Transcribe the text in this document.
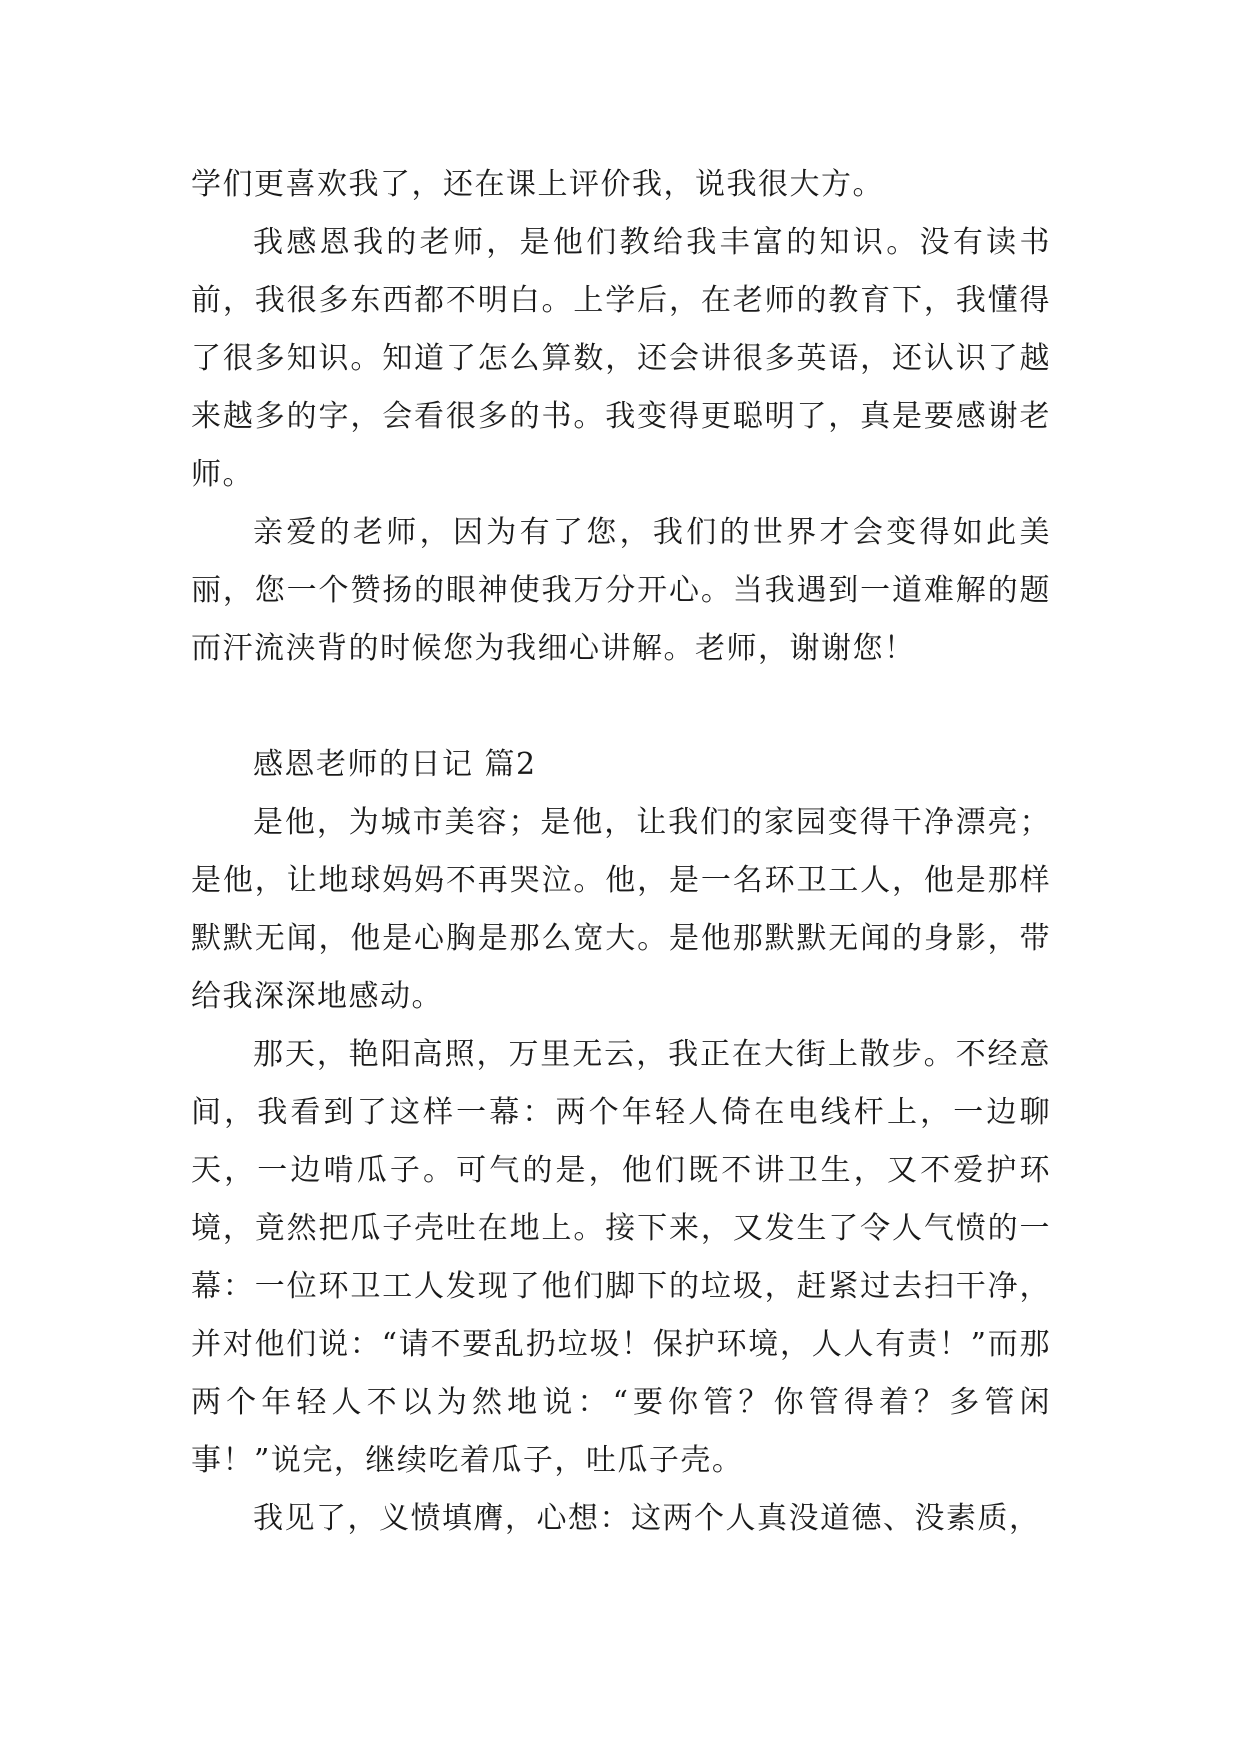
学们更喜欢我了，还在课上评价我，说我很大方。

我感恩我的老师，是他们教给我丰富的知识。没有读书前，我很多东西都不明白。上学后，在老师的教育下，我懂得了很多知识。知道了怎么算数，还会讲很多英语，还认识了越来越多的字，会看很多的书。我变得更聪明了，真是要感谢老师。

亲爱的老师，因为有了您，我们的世界才会变得如此美丽，您一个赞扬的眼神使我万分开心。当我遇到一道难解的题而汗流浃背的时候您为我细心讲解。老师，谢谢您！

感恩老师的日记 篇2

是他，为城市美容；是他，让我们的家园变得干净漂亮；是他，让地球妈妈不再哭泣。他，是一名环卫工人，他是那样默默无闻，他是心胸是那么宽大。是他那默默无闻的身影，带给我深深地感动。

那天，艳阳高照，万里无云，我正在大街上散步。不经意间，我看到了这样一幕：两个年轻人倚在电线杆上，一边聊天，一边啃瓜子。可气的是，他们既不讲卫生，又不爱护环境，竟然把瓜子壳吐在地上。接下来，又发生了令人气愤的一幕：一位环卫工人发现了他们脚下的垃圾，赶紧过去扫干净，并对他们说：“请不要乱扔垃圾！保护环境，人人有责！”而那两个年轻人不以为然地说：“要你管？你管得着？多管闲事！”说完，继续吃着瓜子，吐瓜子壳。

我见了，义愤填膺，心想：这两个人真没道德、没素质，
